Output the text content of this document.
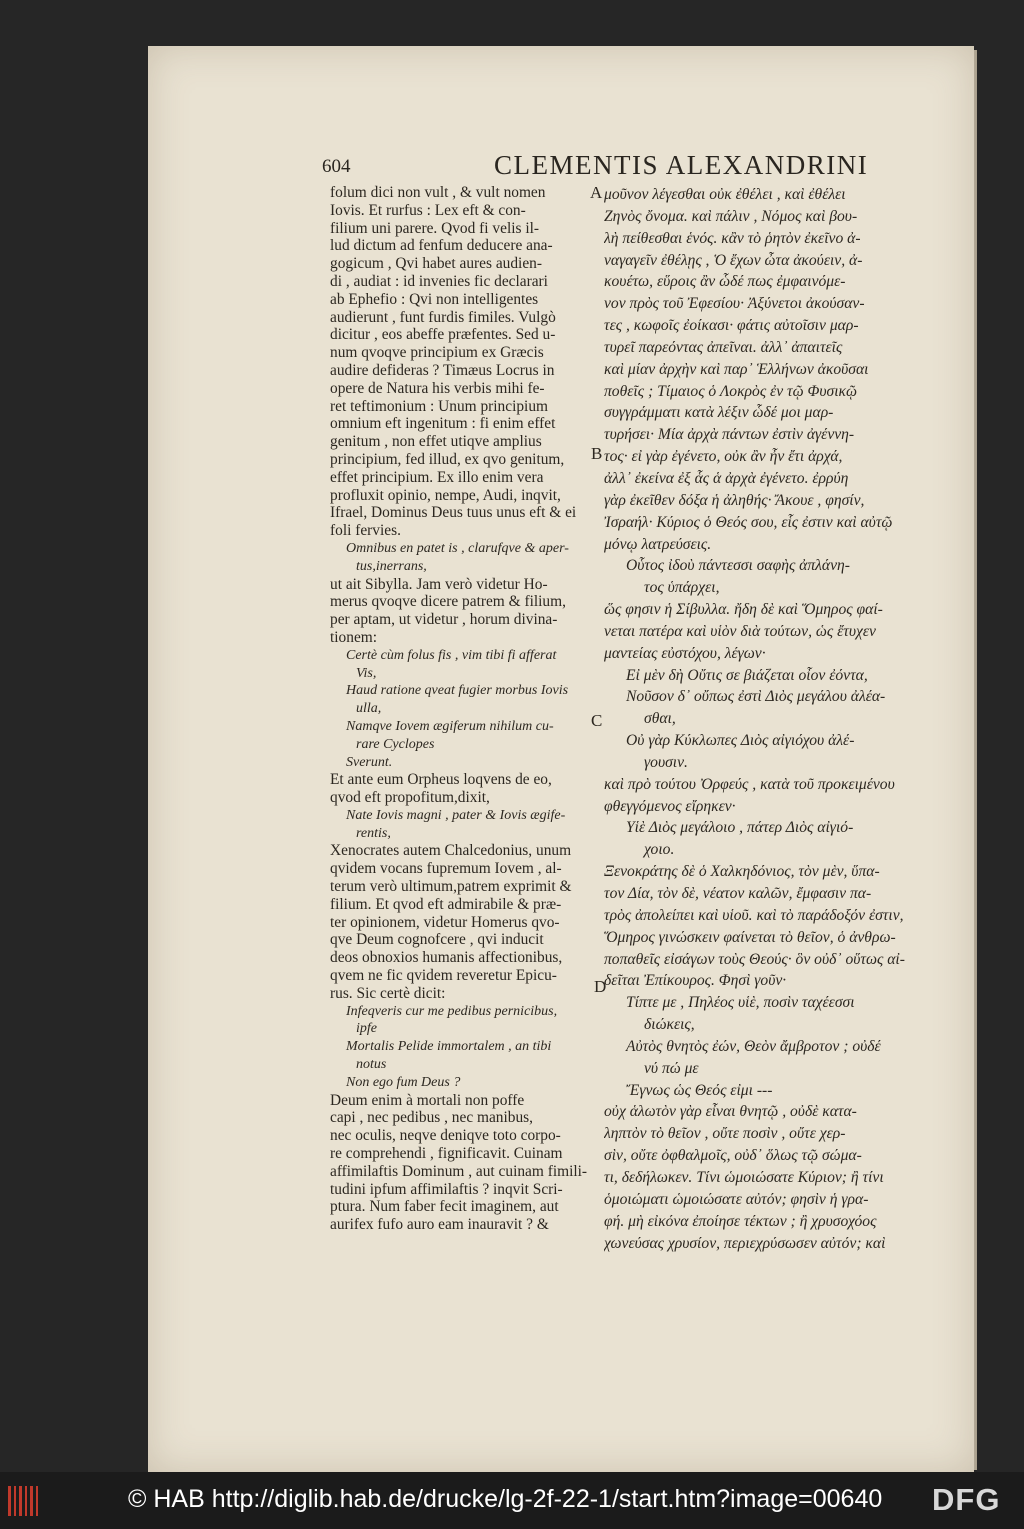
604	CLEMENTIS ALEXANDRINI
folum dici non vult , & vult nomen
Iovis. Et rurfus : Lex eft & con-
filium uni parere. Qvod fi velis il-
lud dictum ad fenfum deducere ana-
gogicum , Qvi habet aures audien-
di , audiat : id invenies fic declarari
ab Ephefio : Qvi non intelligentes
audierunt , funt furdis fimiles. Vulgò
dicitur , eos abeffe præfentes. Sed u-
num qvoqve principium ex Græcis
audire defideras ? Timæus Locrus in
opere de Natura his verbis mihi fe-
ret teftimonium : Unum principium
omnium eft ingenitum : fi enim effet
genitum , non effet utiqve amplius
principium, fed illud, ex qvo genitum,
effet principium. Ex illo enim vera
profluxit opinio, nempe, Audi, inqvit,
Ifrael, Dominus Deus tuus unus eft & ei
foli fervies.
Omnibus en patet is , clarufqve & aper-
tus,inerrans,
ut ait Sibylla. Jam verò videtur Ho-
merus qvoqve dicere patrem & filium,
per aptam, ut videtur , horum divina-
tionem:
Certè cùm folus fis , vim tibi fi afferat
Vis,
Haud ratione qveat fugier morbus Iovis
ulla,
Namqve Iovem ægiferum nihilum cu-
rare Cyclopes
Sverunt.
Et ante eum Orpheus loqvens de eo,
qvod eft propofitum,dixit,
Nate Iovis magni , pater & Iovis ægife-
rentis,
Xenocrates autem Chalcedonius, unum
qvidem vocans fupremum Iovem , al-
terum verò ultimum,patrem exprimit &
filium. Et qvod eft admirabile & præ-
ter opinionem, videtur Homerus qvo-
qve Deum cognofcere , qvi inducit
deos obnoxios humanis affectionibus,
qvem ne fic qvidem reveretur Epicu-
rus. Sic certè dicit:
Infeqveris cur me pedibus pernicibus,
ipfe
Mortalis Pelide immortalem , an tibi
notus
Non ego fum Deus ?
Deum enim à mortali non poffe
capi , nec pedibus , nec manibus,
nec oculis, neqve deniqve toto corpo-
re comprehendi , fignificavit. Cuinam
affimilaftis Dominum , aut cuinam fimili-
tudini ipfum affimilaftis ? inqvit Scri-
ptura. Num faber fecit imaginem, aut
aurifex fufo auro eam inauravit ? &
μοῦνον λέγεσθαι οὐκ ἐθέλει , καὶ ἐθέλει
Ζηνὸς ὄνομα. καὶ πάλιν , Νόμος καὶ βου-
λὴ πείθεσθαι ἑνός. κἂν τὸ ῥητὸν ἐκεῖνο ἀ-
ναγαγεῖν ἐθέλῃς , Ὁ ἔχων ὦτα ἀκούειν, ἀ-
κουέτω, εὕροις ἂν ὧδέ πως ἐμφαινόμε-
νον πρὸς τοῦ Ἐφεσίου· Ἀξύνετοι ἀκούσαν-
τες , κωφοῖς ἐοίκασι· φάτις αὐτοῖσιν μαρ-
τυρεῖ παρεόντας ἀπεῖναι. ἀλλ᾽ ἀπαιτεῖς
καὶ μίαν ἀρχὴν καὶ παρ᾽ Ἑλλήνων ἀκοῦσαι
ποθεῖς ; Τίμαιος ὁ Λοκρὸς ἐν τῷ Φυσικῷ
συγγράμματι κατὰ λέξιν ὧδέ μοι μαρ-
τυρήσει· Μία ἀρχὰ πάντων ἐστὶν ἀγέννη-
τος· εἰ γὰρ ἐγένετο, οὐκ ἂν ἦν ἔτι ἀρχά,
ἀλλ᾽ ἐκείνα ἐξ ἇς ἁ ἀρχὰ ἐγένετο. ἐρρύη
γὰρ ἐκεῖθεν δόξα ἡ ἀληθής· Ἄκουε , φησίν,
Ἰσραήλ· Κύριος ὁ Θεός σου, εἷς ἐστιν καὶ αὐτῷ
μόνῳ λατρεύσεις.
Οὗτος ἰδοὺ πάντεσσι σαφὴς ἀπλάνη-
τος ὑπάρχει,
ὥς φησιν ἡ Σίβυλλα. ἤδη δὲ καὶ Ὅμηρος φαί-
νεται πατέρα καὶ υἱὸν διὰ τούτων, ὡς ἔτυχεν
μαντείας εὐστόχου, λέγων·
Εἰ μὲν δὴ Οὔτις σε βιάζεται οἶον ἐόντα,
Νοῦσον δ᾽ οὔπως ἐστὶ Διὸς μεγάλου ἀλέα-
σθαι,
Οὐ γὰρ Κύκλωπες Διὸς αἰγιόχου ἀλέ-
γουσιν.
καὶ πρὸ τούτου Ὀρφεύς , κατὰ τοῦ προκειμένου
φθεγγόμενος εἴρηκεν·
Υἱὲ Διὸς μεγάλοιο , πάτερ Διὸς αἰγιό-
χοιο.
Ξενοκράτης δὲ ὁ Χαλκηδόνιος, τὸν μὲν, ὕπα-
τον Δία, τὸν δὲ, νέατον καλῶν, ἔμφασιν πα-
τρὸς ἀπολείπει καὶ υἱοῦ. καὶ τὸ παράδοξόν ἐστιν,
Ὅμηρος γινώσκειν φαίνεται τὸ θεῖον, ὁ ἀνθρω-
ποπαθεῖς εἰσάγων τοὺς Θεούς· ὃν οὐδ᾽ οὕτως αἰ-
δεῖται Ἐπίκουρος. Φησὶ γοῦν·
Τίπτε με , Πηλέος υἱὲ, ποσὶν ταχέεσσι
διώκεις,
Αὐτὸς θνητὸς ἐών, Θεὸν ἄμβροτον ; οὐδέ
νύ πώ με
Ἔγνως ὡς Θεός εἰμι ---
οὐχ ἁλωτὸν γὰρ εἶναι θνητῷ , οὐδὲ κατα-
ληπτὸν τὸ θεῖον , οὔτε ποσὶν , οὔτε χερ-
σὶν, οὔτε ὀφθαλμοῖς, οὐδ᾽ ὅλως τῷ σώμα-
τι, δεδήλωκεν. Τίνι ὡμοιώσατε Κύριον; ἢ τίνι
ὁμοιώματι ὡμοιώσατε αὐτόν; φησὶν ἡ γρα-
φή. μὴ εἰκόνα ἐποίησε τέκτων ; ἢ χρυσοχόος
χωνεύσας χρυσίον, περιεχρύσωσεν αὐτόν; καὶ
A
B
C
D
© HAB http://diglib.hab.de/drucke/lg-2f-22-1/start.htm?image=00640 DFG
